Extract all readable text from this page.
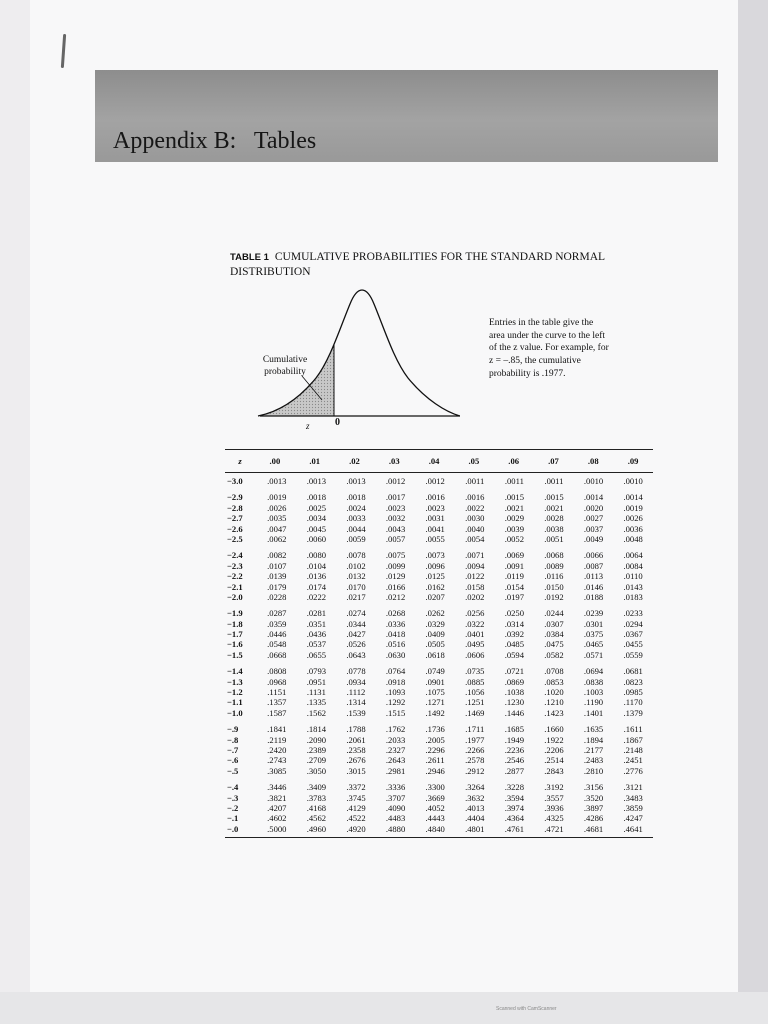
Appendix B:   Tables
TABLE 1 CUMULATIVE PROBABILITIES FOR THE STANDARD NORMAL DISTRIBUTION
Cumulative probability
z	0
Entries in the table give the area under the curve to the left of the z value. For example, for z = –.85, the cumulative probability is .1977.
z	.00	.01	.02	.03	.04	.05	.06	.07	.08	.09
−3.0	.0013	.0013	.0013	.0012	.0012	.0011	.0011	.0011	.0010	.0010
−2.9	.0019	.0018	.0018	.0017	.0016	.0016	.0015	.0015	.0014	.0014
−2.8	.0026	.0025	.0024	.0023	.0023	.0022	.0021	.0021	.0020	.0019
−2.7	.0035	.0034	.0033	.0032	.0031	.0030	.0029	.0028	.0027	.0026
−2.6	.0047	.0045	.0044	.0043	.0041	.0040	.0039	.0038	.0037	.0036
−2.5	.0062	.0060	.0059	.0057	.0055	.0054	.0052	.0051	.0049	.0048
−2.4	.0082	.0080	.0078	.0075	.0073	.0071	.0069	.0068	.0066	.0064
−2.3	.0107	.0104	.0102	.0099	.0096	.0094	.0091	.0089	.0087	.0084
−2.2	.0139	.0136	.0132	.0129	.0125	.0122	.0119	.0116	.0113	.0110
−2.1	.0179	.0174	.0170	.0166	.0162	.0158	.0154	.0150	.0146	.0143
−2.0	.0228	.0222	.0217	.0212	.0207	.0202	.0197	.0192	.0188	.0183
−1.9	.0287	.0281	.0274	.0268	.0262	.0256	.0250	.0244	.0239	.0233
−1.8	.0359	.0351	.0344	.0336	.0329	.0322	.0314	.0307	.0301	.0294
−1.7	.0446	.0436	.0427	.0418	.0409	.0401	.0392	.0384	.0375	.0367
−1.6	.0548	.0537	.0526	.0516	.0505	.0495	.0485	.0475	.0465	.0455
−1.5	.0668	.0655	.0643	.0630	.0618	.0606	.0594	.0582	.0571	.0559
−1.4	.0808	.0793	.0778	.0764	.0749	.0735	.0721	.0708	.0694	.0681
−1.3	.0968	.0951	.0934	.0918	.0901	.0885	.0869	.0853	.0838	.0823
−1.2	.1151	.1131	.1112	.1093	.1075	.1056	.1038	.1020	.1003	.0985
−1.1	.1357	.1335	.1314	.1292	.1271	.1251	.1230	.1210	.1190	.1170
−1.0	.1587	.1562	.1539	.1515	.1492	.1469	.1446	.1423	.1401	.1379
−.9	.1841	.1814	.1788	.1762	.1736	.1711	.1685	.1660	.1635	.1611
−.8	.2119	.2090	.2061	.2033	.2005	.1977	.1949	.1922	.1894	.1867
−.7	.2420	.2389	.2358	.2327	.2296	.2266	.2236	.2206	.2177	.2148
−.6	.2743	.2709	.2676	.2643	.2611	.2578	.2546	.2514	.2483	.2451
−.5	.3085	.3050	.3015	.2981	.2946	.2912	.2877	.2843	.2810	.2776
−.4	.3446	.3409	.3372	.3336	.3300	.3264	.3228	.3192	.3156	.3121
−.3	.3821	.3783	.3745	.3707	.3669	.3632	.3594	.3557	.3520	.3483
−.2	.4207	.4168	.4129	.4090	.4052	.4013	.3974	.3936	.3897	.3859
−.1	.4602	.4562	.4522	.4483	.4443	.4404	.4364	.4325	.4286	.4247
−.0	.5000	.4960	.4920	.4880	.4840	.4801	.4761	.4721	.4681	.4641
Scanned with CamScanner
